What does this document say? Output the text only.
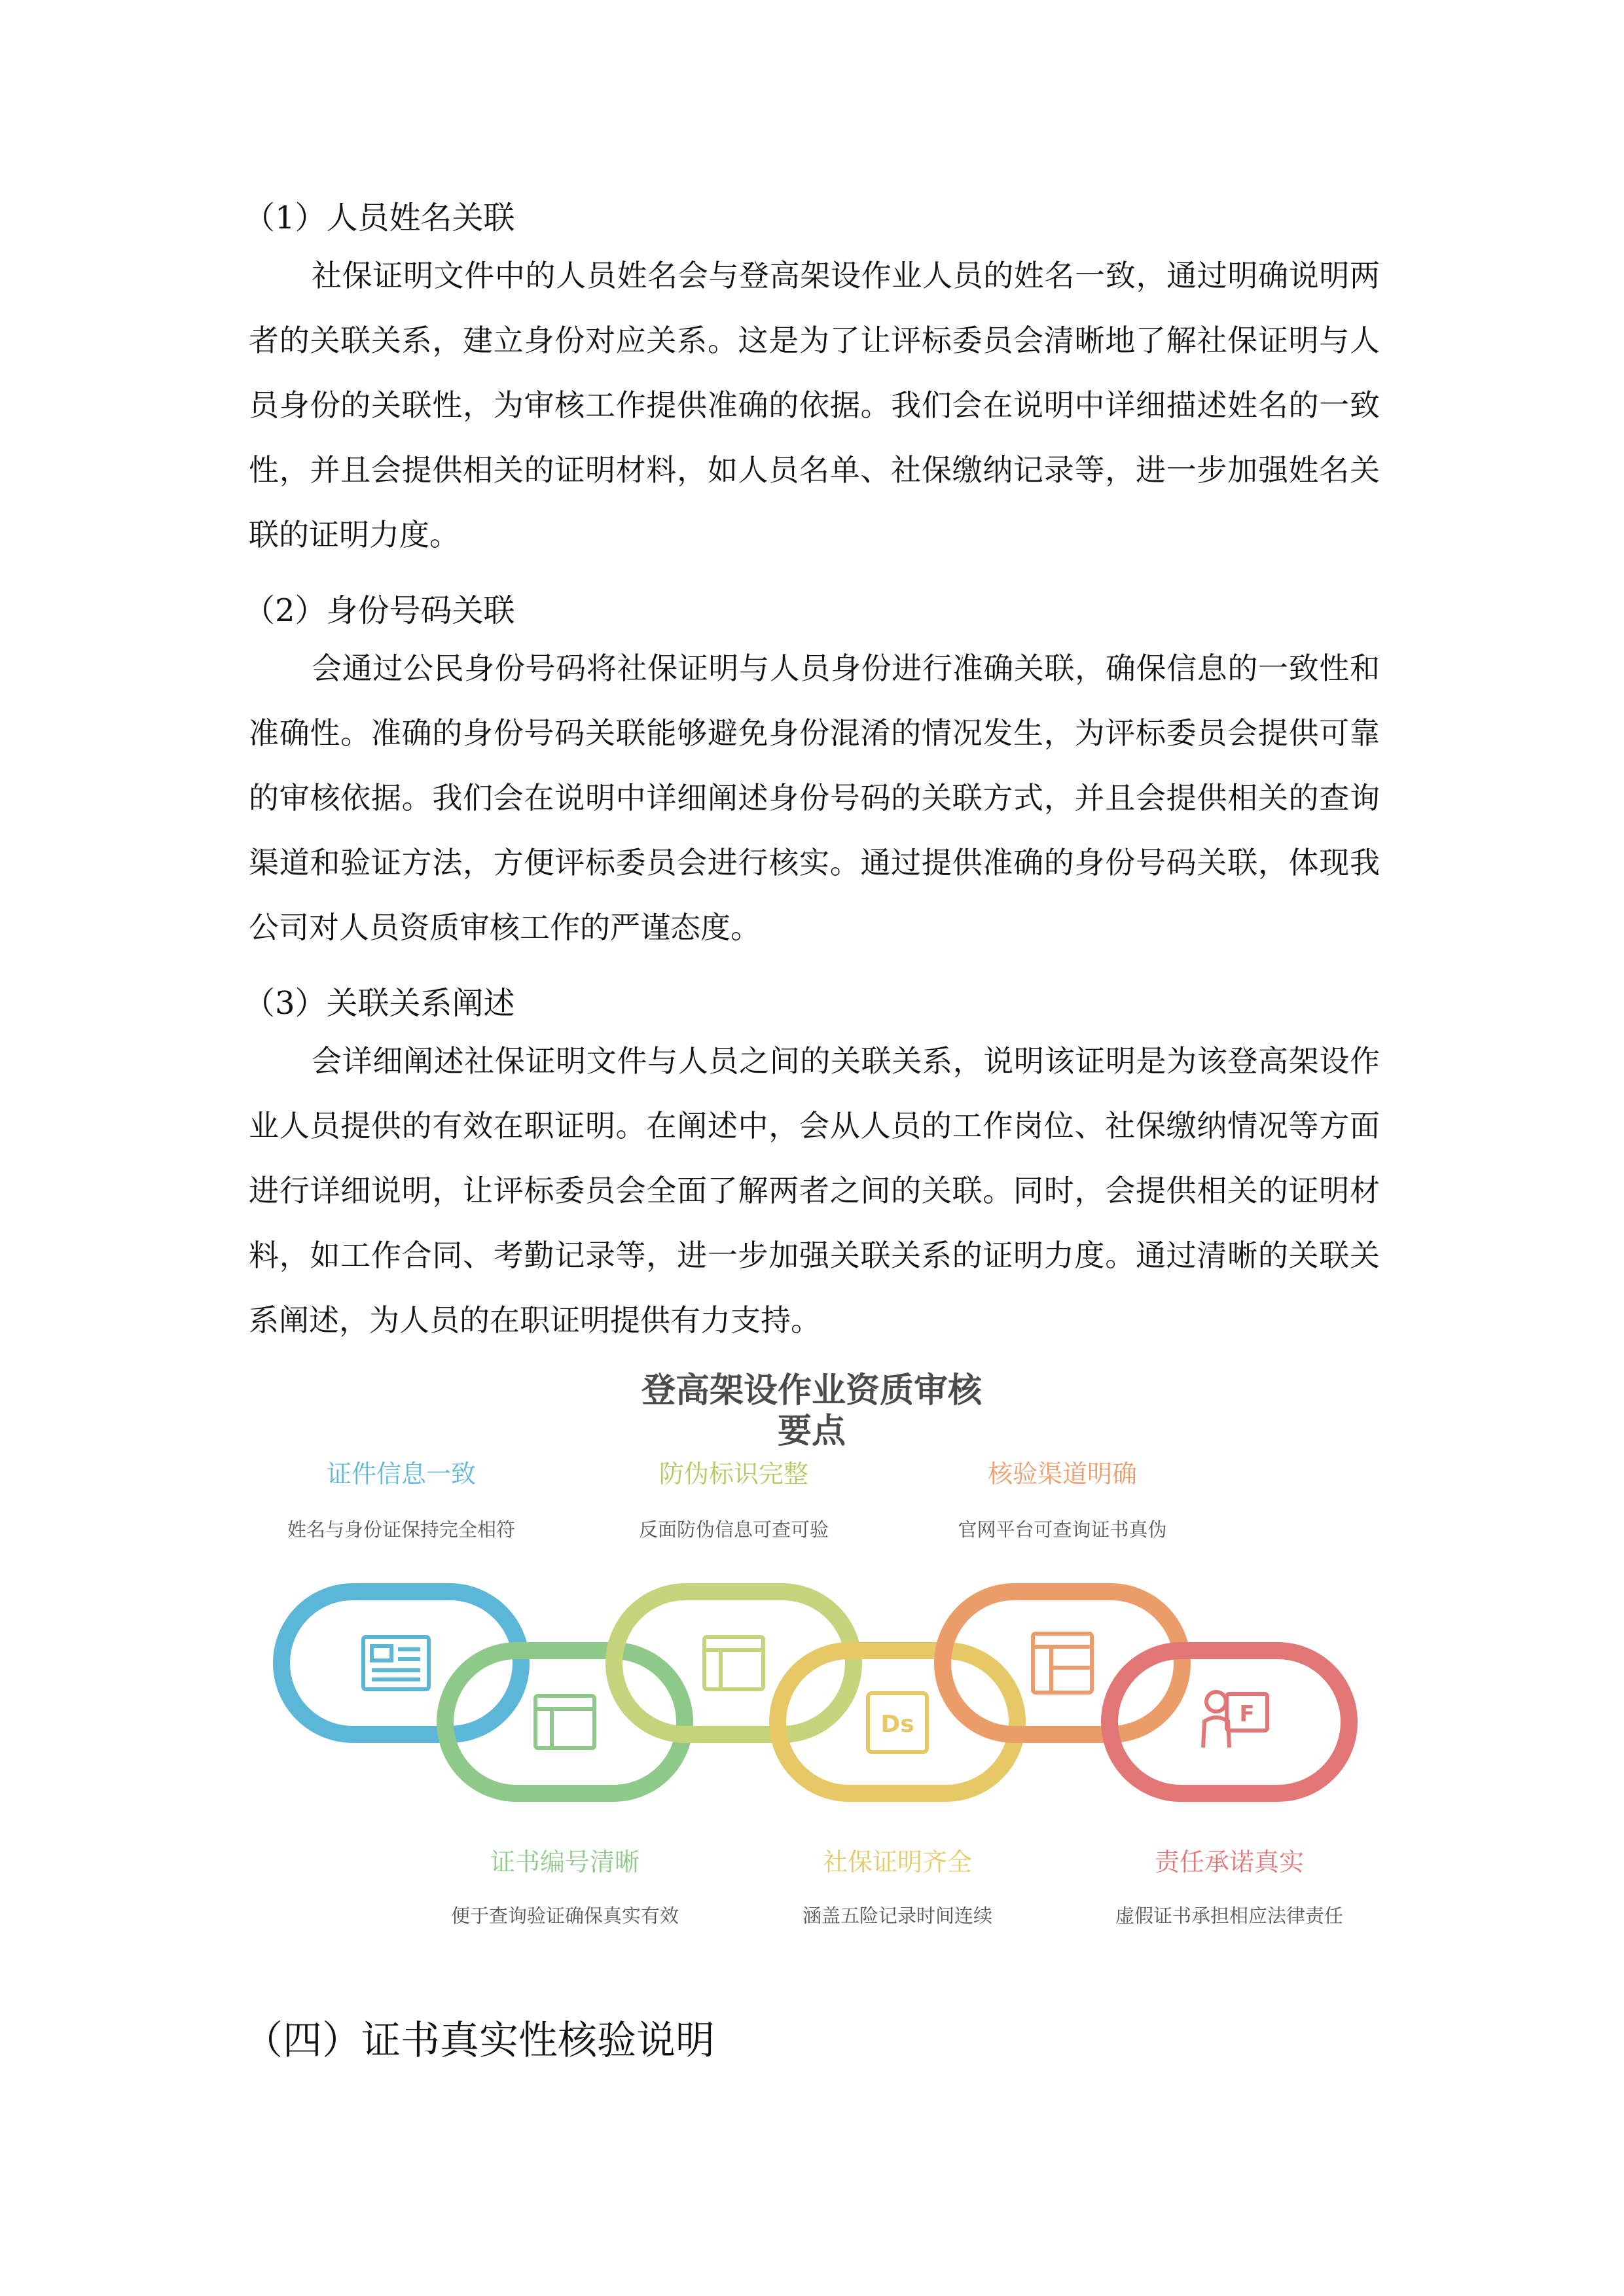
（1）人员姓名关联

社保证明文件中的人员姓名会与登高架设作业人员的姓名一致，通过明确说明两者的关联关系，建立身份对应关系。这是为了让评标委员会清晰地了解社保证明与人员身份的关联性，为审核工作提供准确的依据。我们会在说明中详细描述姓名的一致性，并且会提供相关的证明材料，如人员名单、社保缴纳记录等，进一步加强姓名关联的证明力度。

（2）身份号码关联

会通过公民身份号码将社保证明与人员身份进行准确关联，确保信息的一致性和准确性。准确的身份号码关联能够避免身份混淆的情况发生，为评标委员会提供可靠的审核依据。我们会在说明中详细阐述身份号码的关联方式，并且会提供相关的查询渠道和验证方法，方便评标委员会进行核实。通过提供准确的身份号码关联，体现我公司对人员资质审核工作的严谨态度。

（3）关联关系阐述

会详细阐述社保证明文件与人员之间的关联关系，说明该证明是为该登高架设作业人员提供的有效在职证明。在阐述中，会从人员的工作岗位、社保缴纳情况等方面进行详细说明，让评标委员会全面了解两者之间的关联。同时，会提供相关的证明材料，如工作合同、考勤记录等，进一步加强关联关系的证明力度。通过清晰的关联关系阐述，为人员的在职证明提供有力支持。

Ds	F

登高架设作业资质审核

要点

证件信息一致
姓名与身份证保持完全相符
防伪标识完整
反面防伪信息可查可验
核验渠道明确
官网平台可查询证书真伪
证书编号清晰
便于查询验证确保真实有效
社保证明齐全
涵盖五险记录时间连续
责任承诺真实
虚假证书承担相应法律责任

（四）证书真实性核验说明
